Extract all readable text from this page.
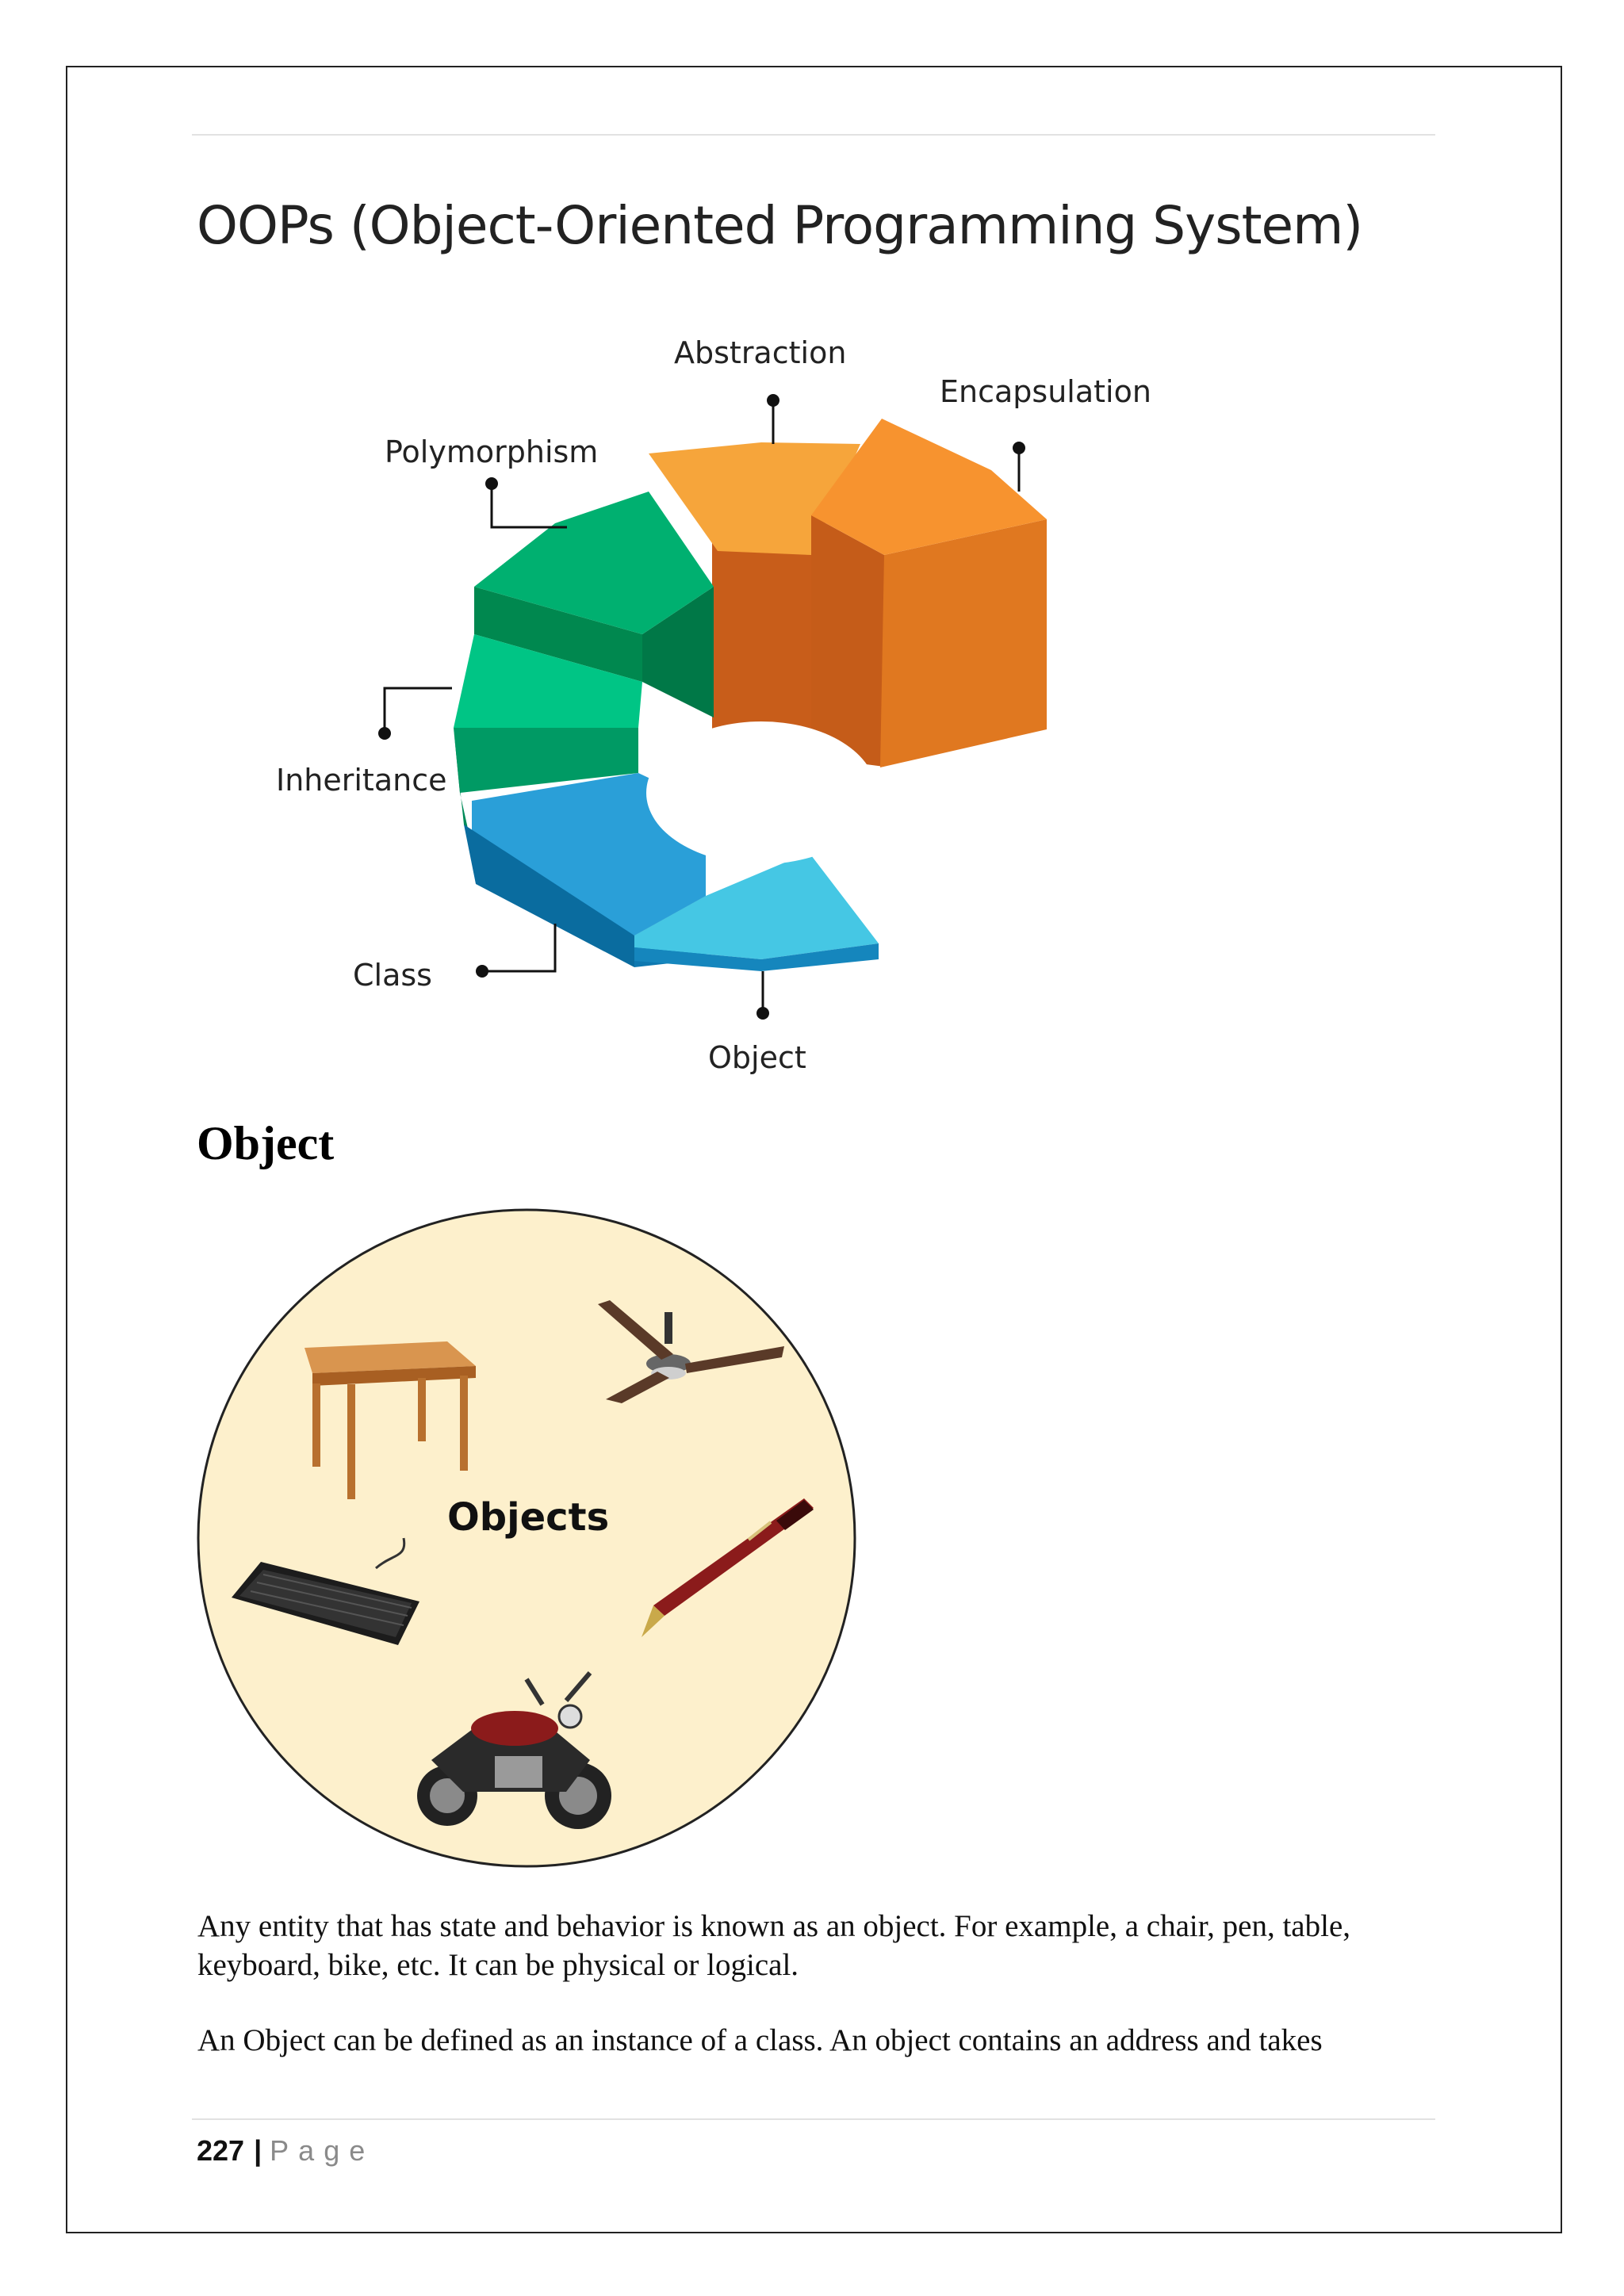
OOPs (Object-Oriented Programming System)
Abstraction
Encapsulation
Polymorphism
Inheritance
Class
Object
Object
Objects

Any entity that has state and behavior is known as an object. For example, a chair, pen, table, keyboard, bike, etc. It can be physical or logical.

An Object can be defined as an instance of a class. An object contains an address and takes

227 | Page
